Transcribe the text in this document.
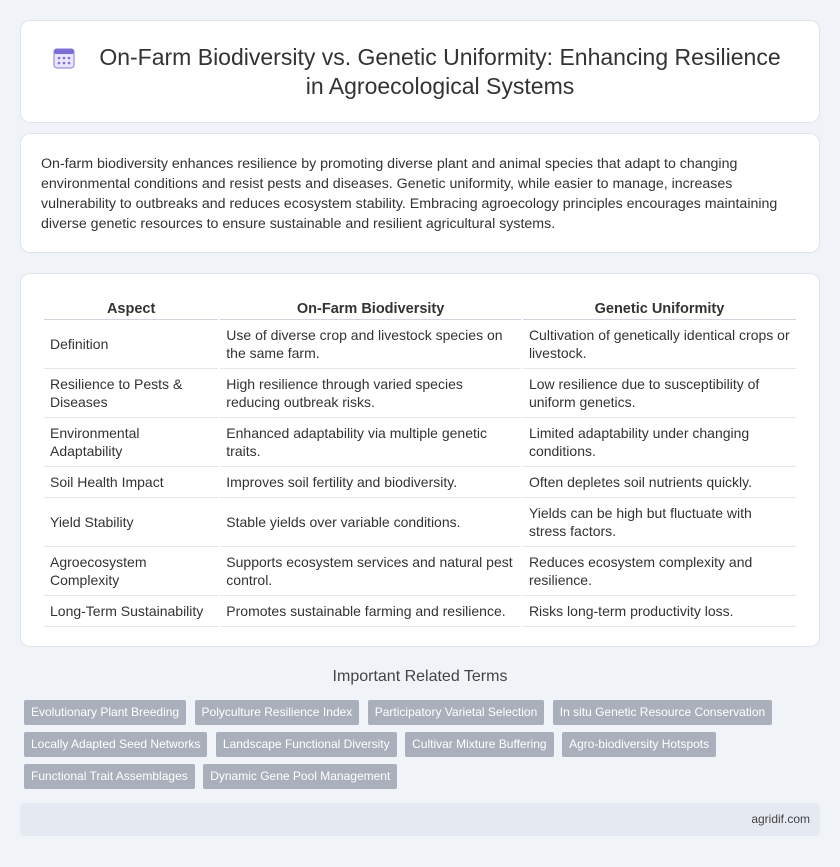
On-Farm Biodiversity vs. Genetic Uniformity: Enhancing Resilience in Agroecological Systems

On-farm biodiversity enhances resilience by promoting diverse plant and animal species that adapt to changing environmental conditions and resist pests and diseases. Genetic uniformity, while easier to manage, increases vulnerability to outbreaks and reduces ecosystem stability. Embracing agroecology principles encourages maintaining diverse genetic resources to ensure sustainable and resilient agricultural systems.

Aspect	On-Farm Biodiversity	Genetic Uniformity
Definition	Use of diverse crop and livestock species on the same farm.	Cultivation of genetically identical crops or livestock.
Resilience to Pests & Diseases	High resilience through varied species reducing outbreak risks.	Low resilience due to susceptibility of uniform genetics.
Environmental Adaptability	Enhanced adaptability via multiple genetic traits.	Limited adaptability under changing conditions.
Soil Health Impact	Improves soil fertility and biodiversity.	Often depletes soil nutrients quickly.
Yield Stability	Stable yields over variable conditions.	Yields can be high but fluctuate with stress factors.
Agroecosystem Complexity	Supports ecosystem services and natural pest control.	Reduces ecosystem complexity and resilience.
Long-Term Sustainability	Promotes sustainable farming and resilience.	Risks long-term productivity loss.
Important Related Terms
Evolutionary Plant Breeding Polyculture Resilience Index Participatory Varietal Selection In situ Genetic Resource Conservation Locally Adapted Seed Networks Landscape Functional Diversity Cultivar Mixture Buffering Agro-biodiversity Hotspots Functional Trait Assemblages Dynamic Gene Pool Management
agridif.com
